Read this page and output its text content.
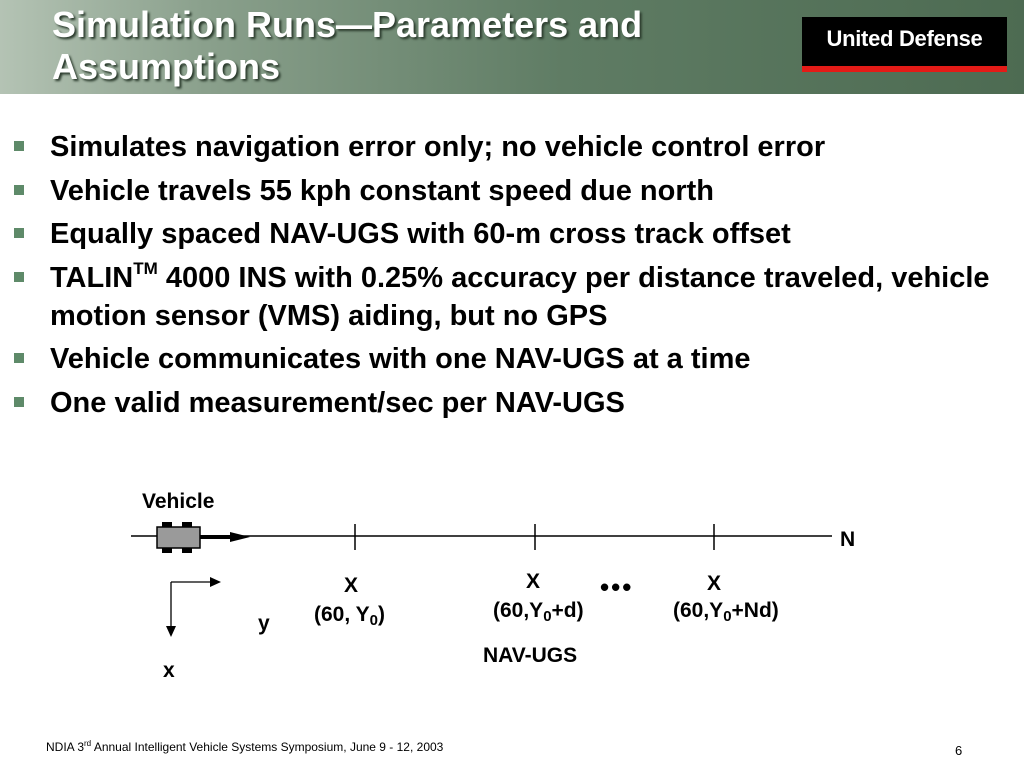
Simulation Runs—Parameters and Assumptions
United Defense
Simulates navigation error only; no vehicle control error
Vehicle travels 55 kph constant speed due north
Equally spaced NAV-UGS with 60-m cross track offset
TALIN™ 4000 INS with 0.25% accuracy per distance traveled, vehicle motion sensor (VMS) aiding, but no GPS
Vehicle communicates with one NAV-UGS at a time
One valid measurement/sec per NAV-UGS
Vehicle
N
X
(60, $Y_0$)
X
$(60,Y_0+d)$
•••	X
$(60,Y_0+Nd)$
y
x
NAV-UGS
NDIA 3rd Annual Intelligent Vehicle Systems Symposium, June 9 - 12, 2003	6
